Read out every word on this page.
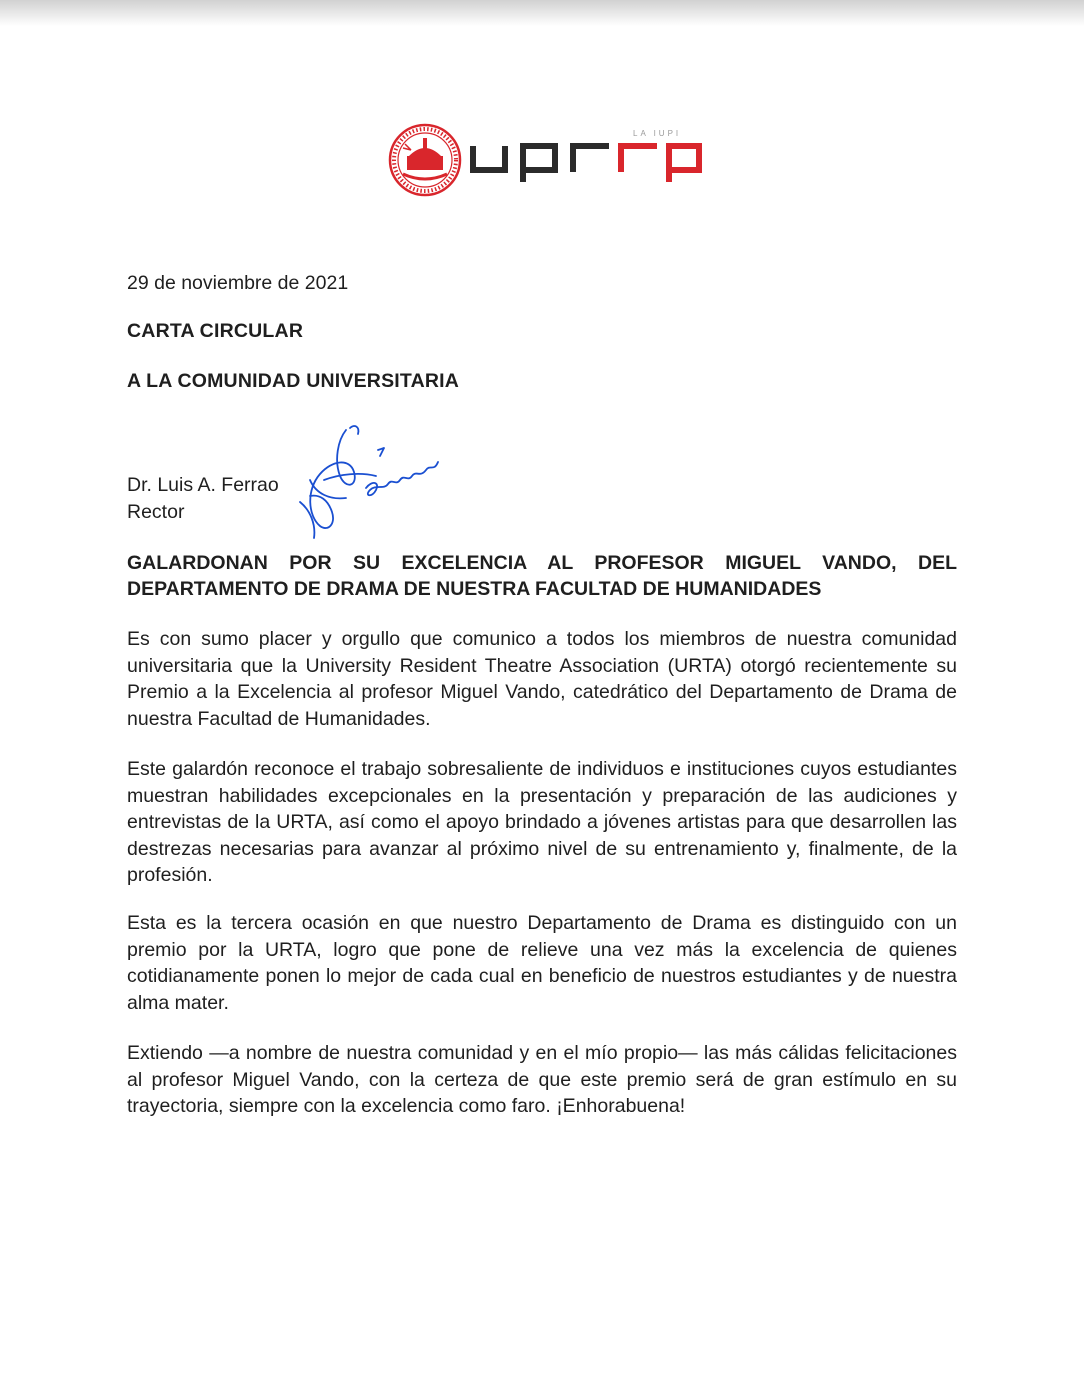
LA IUPI
29 de noviembre de 2021
CARTA CIRCULAR
A LA COMUNIDAD UNIVERSITARIA
Dr. Luis A. Ferrao
Rector
GALARDONAN POR SU EXCELENCIA AL PROFESOR MIGUEL VANDO, DEL DEPARTAMENTO DE DRAMA DE NUESTRA FACULTAD DE HUMANIDADES
Es con sumo placer y orgullo que comunico a todos los miembros de nuestra comunidad universitaria que la University Resident Theatre Association (URTA) otorgó recientemente su Premio a la Excelencia al profesor Miguel Vando, catedrático del Departamento de Drama de nuestra Facultad de Humanidades.
Este galardón reconoce el trabajo sobresaliente de individuos e instituciones cuyos estudiantes muestran habilidades excepcionales en la presentación y preparación de las audiciones y entrevistas de la URTA, así como el apoyo brindado a jóvenes artistas para que desarrollen las destrezas necesarias para avanzar al próximo nivel de su entrenamiento y, finalmente, de la profesión.
Esta es la tercera ocasión en que nuestro Departamento de Drama es distinguido con un premio por la URTA, logro que pone de relieve una vez más la excelencia de quienes cotidianamente ponen lo mejor de cada cual en beneficio de nuestros estudiantes y de nuestra alma mater.
Extiendo —a nombre de nuestra comunidad y en el mío propio— las más cálidas felicitaciones al profesor Miguel Vando, con la certeza de que este premio será de gran estímulo en su trayectoria, siempre con la excelencia como faro. ¡Enhorabuena!
